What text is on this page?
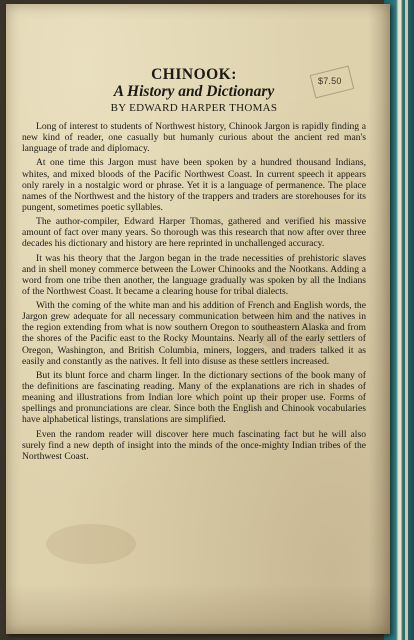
$7.50
CHINOOK:
A History and Dictionary

BY EDWARD HARPER THOMAS

Long of interest to students of Northwest history, Chinook Jargon is rapidly finding a new kind of reader, one casually but humanly curious about the ancient red man's language of trade and diplomacy.

At one time this Jargon must have been spoken by a hundred thousand Indians, whites, and mixed bloods of the Pacific Northwest Coast. In current speech it appears only rarely in a nostalgic word or phrase. Yet it is a language of permanence. The place names of the Northwest and the history of the trappers and traders are storehouses for its pungent, sometimes poetic syllables.

The author-compiler, Edward Harper Thomas, gathered and verified his massive amount of fact over many years. So thorough was this research that now after over three decades his dictionary and history are here reprinted in unchallenged accuracy.

It was his theory that the Jargon began in the trade necessities of prehistoric slaves and in shell money commerce between the Lower Chinooks and the Nootkans. Adding a word from one tribe then another, the language gradually was spoken by all the Indians of the Northwest Coast. It became a clearing house for tribal dialects.

With the coming of the white man and his addition of French and English words, the Jargon grew adequate for all necessary communication between him and the natives in the region extending from what is now southern Oregon to southeastern Alaska and from the shores of the Pacific east to the Rocky Mountains. Nearly all of the early settlers of Oregon, Washington, and British Columbia, miners, loggers, and traders talked it as easily and constantly as the natives. It fell into disuse as these settlers increased.

But its blunt force and charm linger. In the dictionary sections of the book many of the definitions are fascinating reading. Many of the explanations are rich in shades of meaning and illustrations from Indian lore which point up their proper use. Forms of spellings and pronunciations are clear. Since both the English and Chinook vocabularies have alphabetical listings, translations are simplified.

Even the random reader will discover here much fascinating fact but he will also surely find a new depth of insight into the minds of the once-mighty Indian tribes of the Northwest Coast.
